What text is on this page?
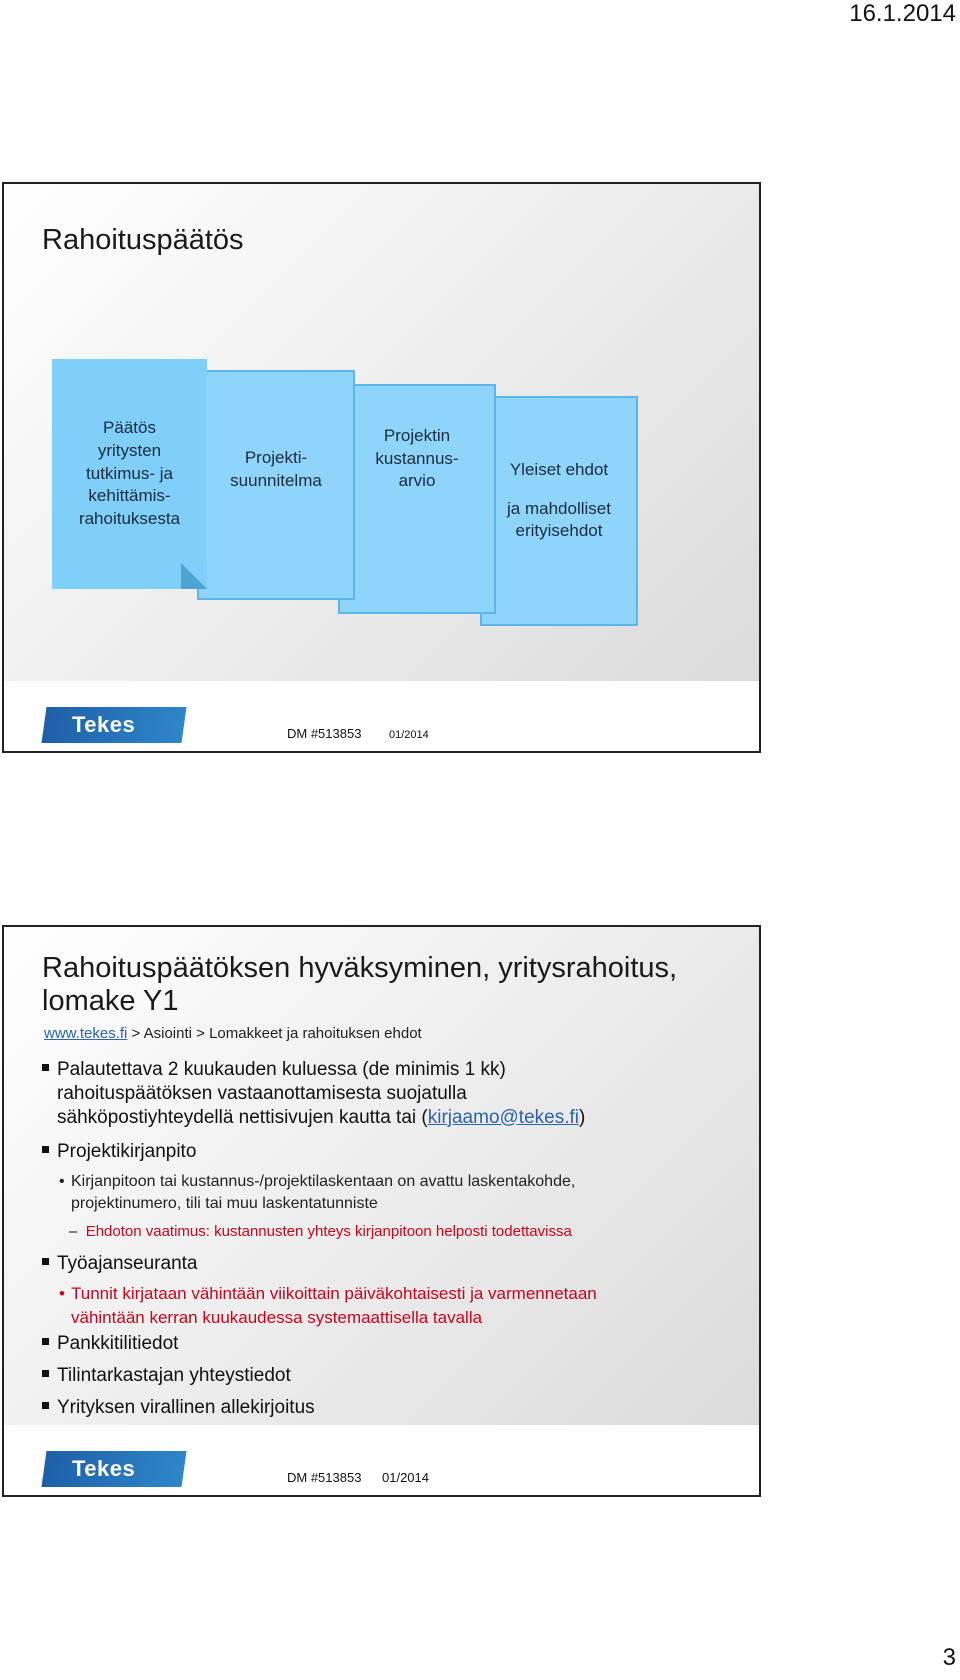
16.1.2014
Rahoituspäätös
Yleiset ehdot
ja mahdolliset
erityisehdot
Projektin
kustannus-
arvio
Projekti-
suunnitelma
Päätös
yritysten
tutkimus- ja
kehittämis-
rahoituksesta
Tekes	DM #513853	01/2014
Rahoituspäätöksen hyväksyminen, yritysrahoitus,
lomake Y1
www.tekes.fi > Asiointi > Lomakkeet ja rahoituksen ehdot

Palautettava 2 kuukauden kuluessa (de minimis 1 kk)
rahoituspäätöksen vastaanottamisesta suojatulla
sähköpostiyhteydellä nettisivujen kautta tai (kirjaamo@tekes.fi)

Projektikirjanpito

• Kirjanpitoon tai kustannus-/projektilaskentaan on avattu laskentakohde,
projektinumero, tili tai muu laskentatunniste

– Ehdoton vaatimus: kustannusten yhteys kirjanpitoon helposti todettavissa

Työajanseuranta

• Tunnit kirjataan vähintään viikoittain päiväkohtaisesti ja varmennetaan
vähintään kerran kuukaudessa systemaattisella tavalla

Pankkitilitiedot

Tilintarkastajan yhteystiedot

Yrityksen virallinen allekirjoitus

Tekes	DM #513853 01/2014
3
